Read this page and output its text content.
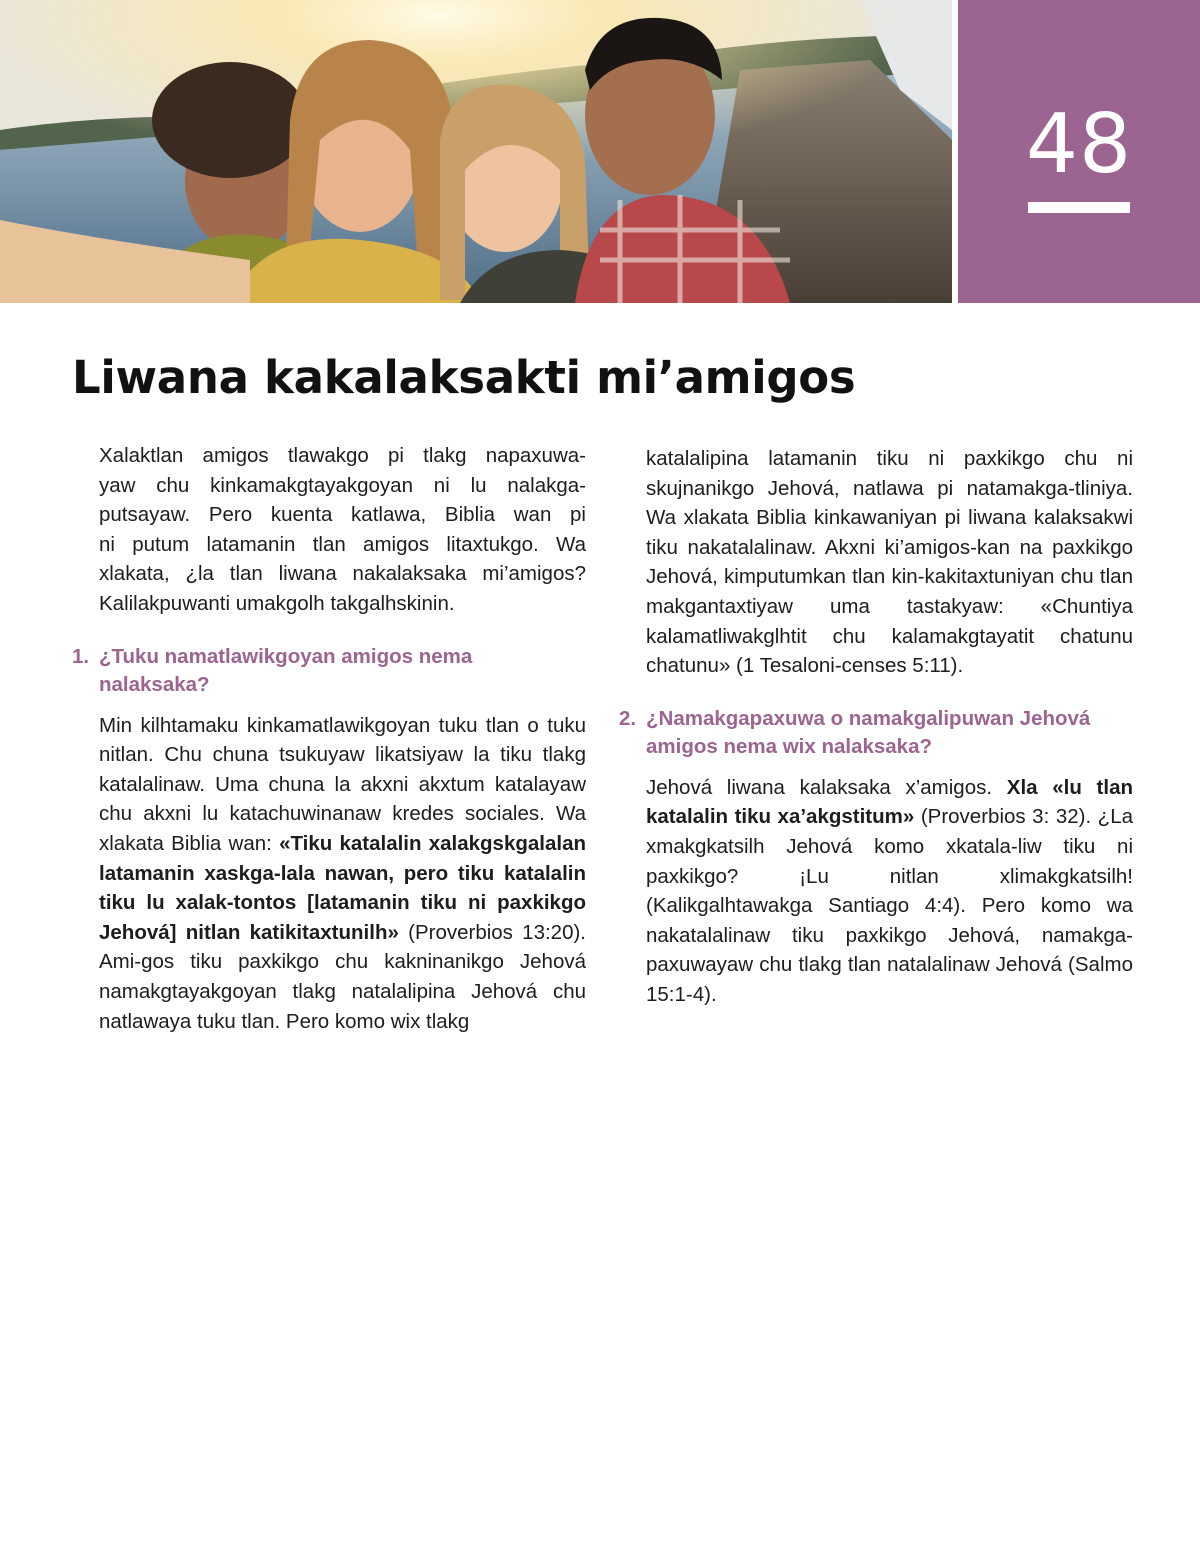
48
Liwana kakalaksakti mi’amigos

Xalaktlan amigos tlawakgo pi tlakg napaxuwa-
yaw chu kinkamakgtayakgoyan ni lu nalakga-
putsayaw. Pero kuenta katlawa, Biblia wan pi
ni putum latamanin tlan amigos litaxtukgo. Wa
xlakata, ¿la tlan liwana nakalaksaka mi’amigos?
Kalilakpuwanti umakgolh takgalhskinin.

1. ¿Tuku namatlawikgoyan amigos nema
nalaksaka?

Min kilhtamaku kinkamatlawikgoyan tuku tlan o tuku nitlan. Chu chuna tsukuyaw likatsiyaw la tiku tlakg katalalinaw. Uma chuna la akxni akxtum katalayaw chu akxni lu katachuwinanaw kredes sociales. Wa xlakata Biblia wan: «Tiku katalalin xalakgskgalalan latamanin xaskga-lala nawan, pero tiku katalalin tiku lu xalak-tontos [latamanin tiku ni paxkikgo Jehová] nitlan katikitaxtunilh» (Proverbios 13:20). Ami-gos tiku paxkikgo chu kakninanikgo Jehová namakgtayakgoyan tlakg natalalipina Jehová chu natlawaya tuku tlan. Pero komo wix tlakg

katalalipina latamanin tiku ni paxkikgo chu ni skujnanikgo Jehová, natlawa pi natamakga-tliniya. Wa xlakata Biblia kinkawaniyan pi liwana kalaksakwi tiku nakatalalinaw. Akxni ki’amigos-kan na paxkikgo Jehová, kimputumkan tlan kin-kakitaxtuniyan chu tlan makgantaxtiyaw uma tastakyaw: «Chuntiya kalamatliwakglhtit chu kalamakgtayatit chatunu chatunu» (1 Tesaloni-censes 5:11).

2. ¿Namakgapaxuwa o namakgalipuwan Jehová
amigos nema wix nalaksaka?

Jehová liwana kalaksaka x’amigos. Xla «lu tlan katalalin tiku xa’akgstitum» (Proverbios 3: 32). ¿La xmakgkatsilh Jehová komo xkatala-liw tiku ni paxkikgo? ¡Lu nitlan xlimakgkatsilh! (Kalikgalhtawakga Santiago 4:4). Pero komo wa nakatalalinaw tiku paxkikgo Jehová, namakga-paxuwayaw chu tlakg tlan natalalinaw Jehová (Salmo 15:1-4).
